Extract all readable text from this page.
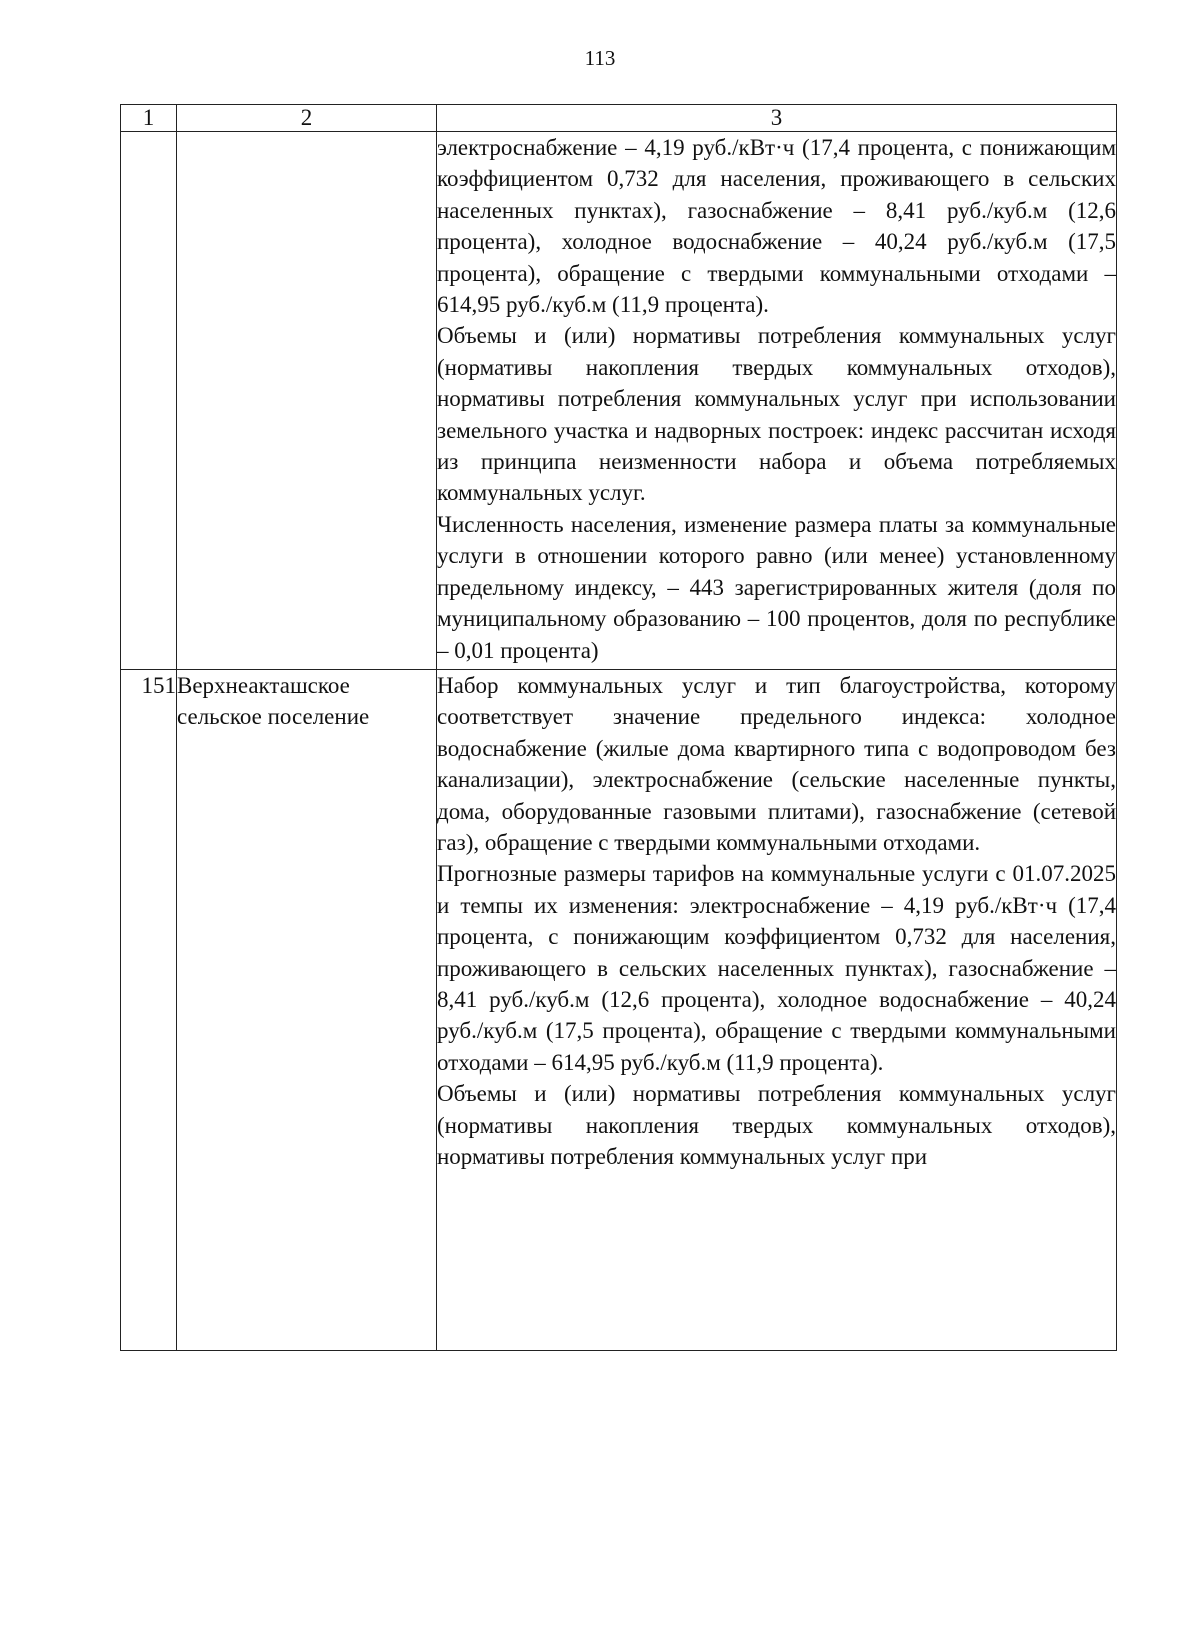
113
1	2	3

		электроснабжение – 4,19 руб./кВт·ч (17,4 процента, с понижающим коэффициентом 0,732 для населения, проживающего в сельских населенных пунктах), газоснабжение – 8,41 руб./куб.м (12,6 процента), холодное водоснабжение – 40,24 руб./куб.м (17,5 процента), обращение с твердыми коммунальными отходами – 614,95 руб./куб.м (11,9 процента).

Объемы и (или) нормативы потребления коммунальных услуг (нормативы накопления твердых коммунальных отходов), нормативы потребления коммунальных услуг при использовании земельного участка и надворных построек: индекс рассчитан исходя из принципа неизменности набора и объема потребляемых коммунальных услуг.

Численность населения, изменение размера платы за коммунальные услуги в отношении которого равно (или менее) установленному предельному индексу, – 443 зарегистрированных жителя (доля по муниципальному образованию – 100 процентов, доля по республике – 0,01 процента)

151	Верхнеакташское сельское поселение	Набор коммунальных услуг и тип благоустройства, которому соответствует значение предельного индекса: холодное водоснабжение (жилые дома квартирного типа с водопроводом без канализации), электроснабжение (сельские населенные пункты, дома, оборудованные газовыми плитами), газоснабжение (сетевой газ), обращение с твердыми коммунальными отходами.

Прогнозные размеры тарифов на коммунальные услуги с 01.07.2025 и темпы их изменения: электроснабжение – 4,19 руб./кВт·ч (17,4 процента, с понижающим коэффициентом 0,732 для населения, проживающего в сельских населенных пунктах), газоснабжение – 8,41 руб./куб.м (12,6 процента), холодное водоснабжение – 40,24 руб./куб.м (17,5 процента), обращение с твердыми коммунальными отходами – 614,95 руб./куб.м (11,9 процента).

Объемы и (или) нормативы потребления коммунальных услуг (нормативы накопления твердых коммунальных отходов), нормативы потребления коммунальных услуг при
